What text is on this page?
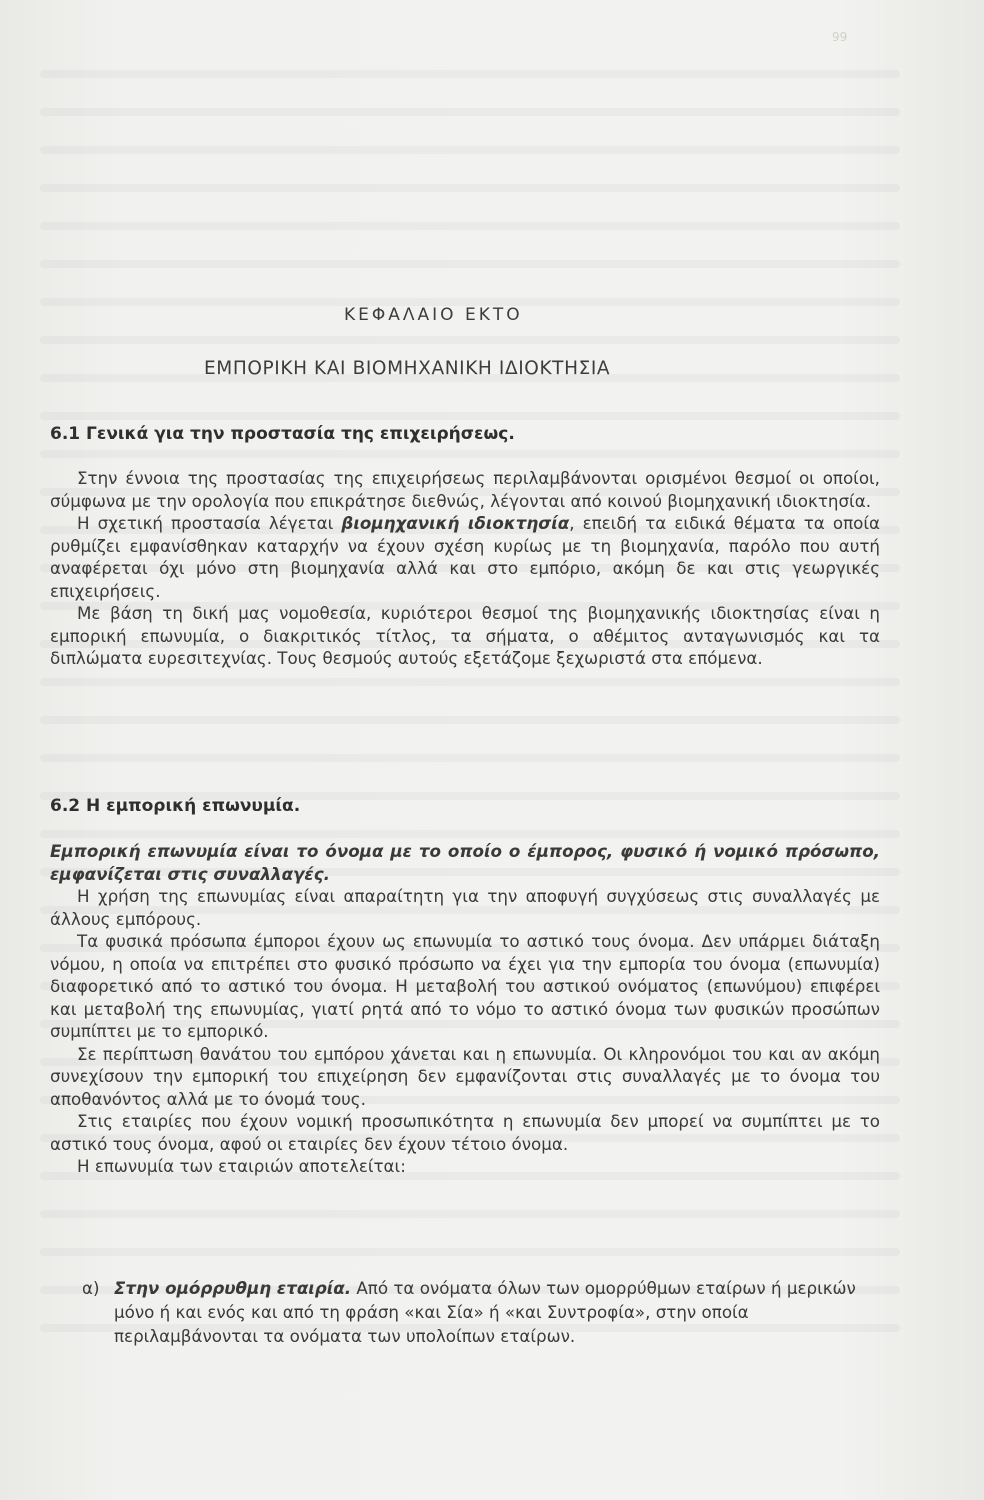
99
ΚΕΦΑΛΑΙΟ ΕΚΤΟ
ΕΜΠΟΡΙΚΗ ΚΑΙ ΒΙΟΜΗΧΑΝΙΚΗ ΙΔΙΟΚΤΗΣΙΑ
6.1 Γενικά για την προστασία της επιχειρήσεως.

Στην έννοια της προστασίας της επιχειρήσεως περιλαμβάνονται ορισμένοι θεσμοί οι οποίοι, σύμφωνα με την ορολογία που επικράτησε διεθνώς, λέγονται από κοινού βιομηχανική ιδιοκτησία.

Η σχετική προστασία λέγεται βιομηχανική ιδιοκτησία, επειδή τα ειδικά θέματα τα οποία ρυθμίζει εμφανίσθηκαν καταρχήν να έχουν σχέση κυρίως με τη βιομηχανία, παρόλο που αυτή αναφέρεται όχι μόνο στη βιομηχανία αλλά και στο εμπόριο, ακόμη δε και στις γεωργικές επιχειρήσεις.

Με βάση τη δική μας νομοθεσία, κυριότεροι θεσμοί της βιομηχανικής ιδιοκτησίας είναι η εμπορική επωνυμία, ο διακριτικός τίτλος, τα σήματα, ο αθέμιτος ανταγωνισμός και τα διπλώματα ευρεσιτεχνίας. Τους θεσμούς αυτούς εξετάζομε ξεχωριστά στα επόμενα.

6.2 Η εμπορική επωνυμία.

Εμπορική επωνυμία είναι το όνομα με το οποίο ο έμπορος, φυσικό ή νομικό πρόσωπο, εμφανίζεται στις συναλλαγές.

Η χρήση της επωνυμίας είναι απαραίτητη για την αποφυγή συγχύσεως στις συναλλαγές με άλλους εμπόρους.

Τα φυσικά πρόσωπα έμποροι έχουν ως επωνυμία το αστικό τους όνομα. Δεν υπάρμει διάταξη νόμου, η οποία να επιτρέπει στο φυσικό πρόσωπο να έχει για την εμπορία του όνομα (επωνυμία) διαφορετικό από το αστικό του όνομα. Η μεταβολή του αστικού ονόματος (επωνύμου) επιφέρει και μεταβολή της επωνυμίας, γιατί ρητά από το νόμο το αστικό όνομα των φυσικών προσώπων συμπίπτει με το εμπορικό.

Σε περίπτωση θανάτου του εμπόρου χάνεται και η επωνυμία. Οι κληρονόμοι του και αν ακόμη συνεχίσουν την εμπορική του επιχείρηση δεν εμφανίζονται στις συναλλαγές με το όνομα του αποθανόντος αλλά με το όνομά τους.

Στις εταιρίες που έχουν νομική προσωπικότητα η επωνυμία δεν μπορεί να συμπίπτει με το αστικό τους όνομα, αφού οι εταιρίες δεν έχουν τέτοιο όνομα.

Η επωνυμία των εταιριών αποτελείται:

α) Στην ομόρρυθμη εταιρία. Από τα ονόματα όλων των ομορρύθμων εταίρων ή μερικών μόνο ή και ενός και από τη φράση «και Σία» ή «και Συντροφία», στην οποία περιλαμβάνονται τα ονόματα των υπολοίπων εταίρων.
